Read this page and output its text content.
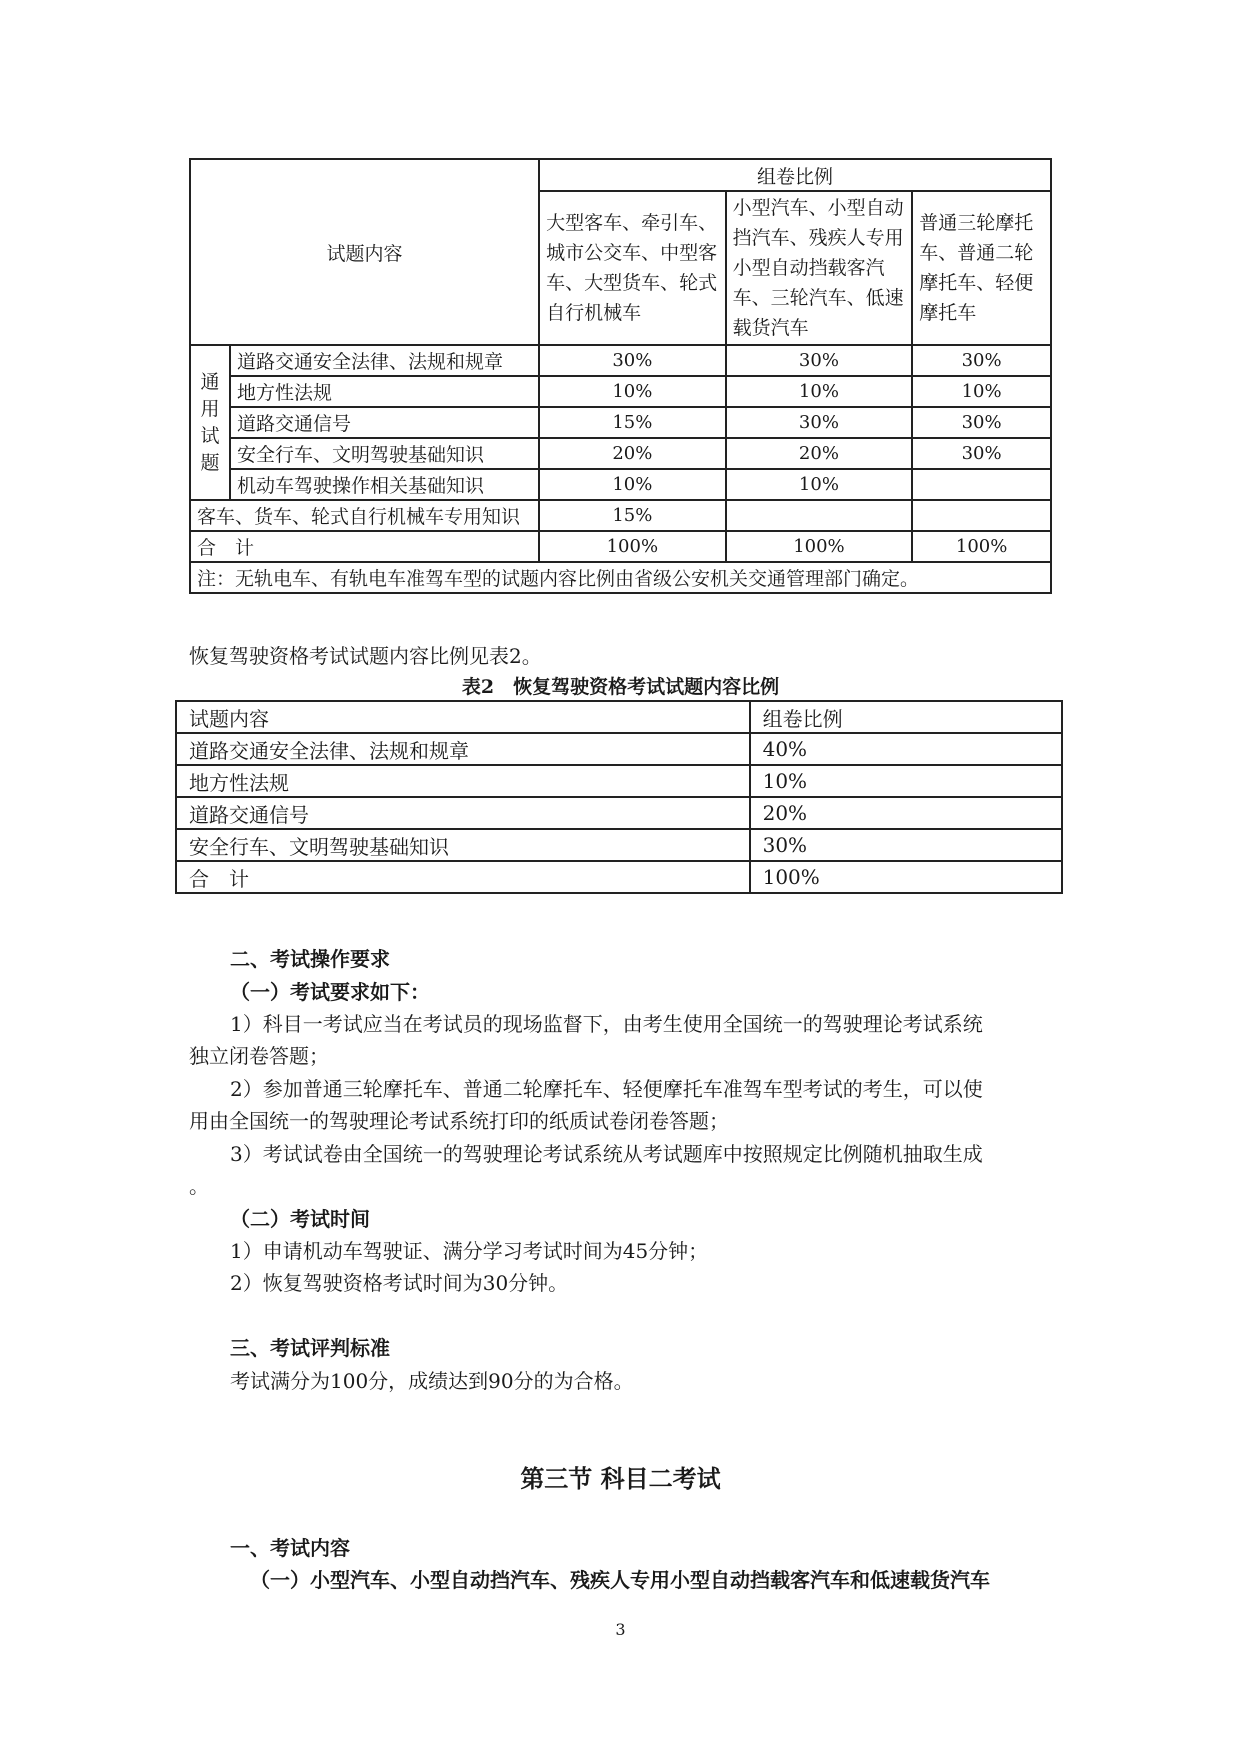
试题内容		组卷比例		
		大型客车、牵引车、城市公交车、中型客车、大型货车、轮式自行机械车	小型汽车、小型自动挡汽车、残疾人专用小型自动挡载客汽车、三轮汽车、低速载货汽车	普通三轮摩托车、普通二轮摩托车、轻便摩托车

通用试题	道路交通安全法律、法规和规章	30%	30%	30%
	地方性法规	10%	10%	10%
	道路交通信号	15%	30%	30%
	安全行车、文明驾驶基础知识	20%	20%	30%
	机动车驾驶操作相关基础知识	10%	10%	
客车、货车、轮式自行机械车专用知识		15%		
合　计		100%	100%	100%
注：无轨电车、有轨电车准驾车型的试题内容比例由省级公安机关交通管理部门确定。				
恢复驾驶资格考试试题内容比例见表2。
表2　恢复驾驶资格考试试题内容比例
试题内容	组卷比例
道路交通安全法律、法规和规章	40%
地方性法规	10%
道路交通信号	20%
安全行车、文明驾驶基础知识	30%
合　计	100%
二、考试操作要求
（一）考试要求如下：
1）科目一考试应当在考试员的现场监督下，由考生使用全国统一的驾驶理论考试系统
独立闭卷答题；
2）参加普通三轮摩托车、普通二轮摩托车、轻便摩托车准驾车型考试的考生，可以使
用由全国统一的驾驶理论考试系统打印的纸质试卷闭卷答题；
3）考试试卷由全国统一的驾驶理论考试系统从考试题库中按照规定比例随机抽取生成
。
（二）考试时间
1）申请机动车驾驶证、满分学习考试时间为45分钟；
2）恢复驾驶资格考试时间为30分钟。
三、考试评判标准
考试满分为100分，成绩达到90分的为合格。
第三节 科目二考试
一、考试内容
（一）小型汽车、小型自动挡汽车、残疾人专用小型自动挡载客汽车和低速载货汽车
3
